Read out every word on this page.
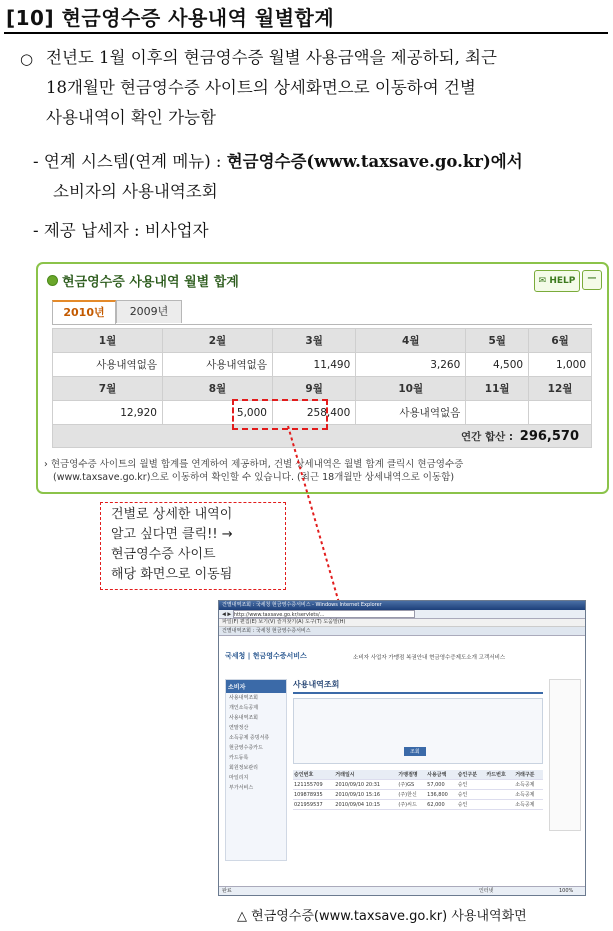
[10] 현금영수증 사용내역 월별합계
○ 전년도 1월 이후의 현금영수증 월별 사용금액을 제공하되, 최근
18개월만 현금영수증 사이트의 상세화면으로 이동하여 건별
사용내역이 확인 가능함
- 연계 시스템(연계 메뉴) : 현금영수증(www.taxsave.go.kr)에서
소비자의 사용내역조회
- 제공 납세자 : 비사업자
현금영수증 사용내역 월별 합계	✉ HELP −
2010년	2009년
1월	2월	3월	4월	5월	6월
사용내역없음	사용내역없음	11,490	3,260	4,500	1,000
7월	8월	9월	10월	11월	12월
12,920	5,000	258,400	사용내역없음		
연간 합산 : 296,570					
› 현금영수증 사이트의 월별 합계를 연계하여 제공하며, 건별 상세내역은 월별 합계 클릭시 현금영수증
(www.taxsave.go.kr)으로 이동하여 확인할 수 있습니다. (최근 18개월만 상세내역으로 이동함)
건별로 상세한 내역이
알고 싶다면 클릭!! →
현금영수증 사이트
해당 화면으로 이동됨
건별내역조회 : 국세청 현금영수증서비스 - Windows Internet Explorer
◀ ▶ http://www.taxsave.go.kr/servlets/...
파일(F) 편집(E) 보기(V) 즐겨찾기(A) 도구(T) 도움말(H)
건별내역조회 : 국세청 현금영수증서비스
국세청 | 현금영수증서비스	소비자 사업자 가맹점 복권안내 현금영수증제도소개 고객서비스
소비자
사용내역조회
개인소득공제
사용내역조회
연말정산
소득공제 증빙서류
현금영수증카드
카드등록
회원정보관리
마일리지
부가서비스
사용내역조회
조회
승인번호	거래일시	가맹점명	사용금액	승인구분	카드번호	거래구분
121155709	2010/09/10 20:31	(주)GS	57,000	승인		소득공제
109878935	2010/09/10 15:16	(주)한신	136,800	승인		소득공제
021959537	2010/09/04 10:15	(주)씨드	62,000	승인		소득공제
완료	인터넷	100%
△ 현금영수증(www.taxsave.go.kr) 사용내역화면
